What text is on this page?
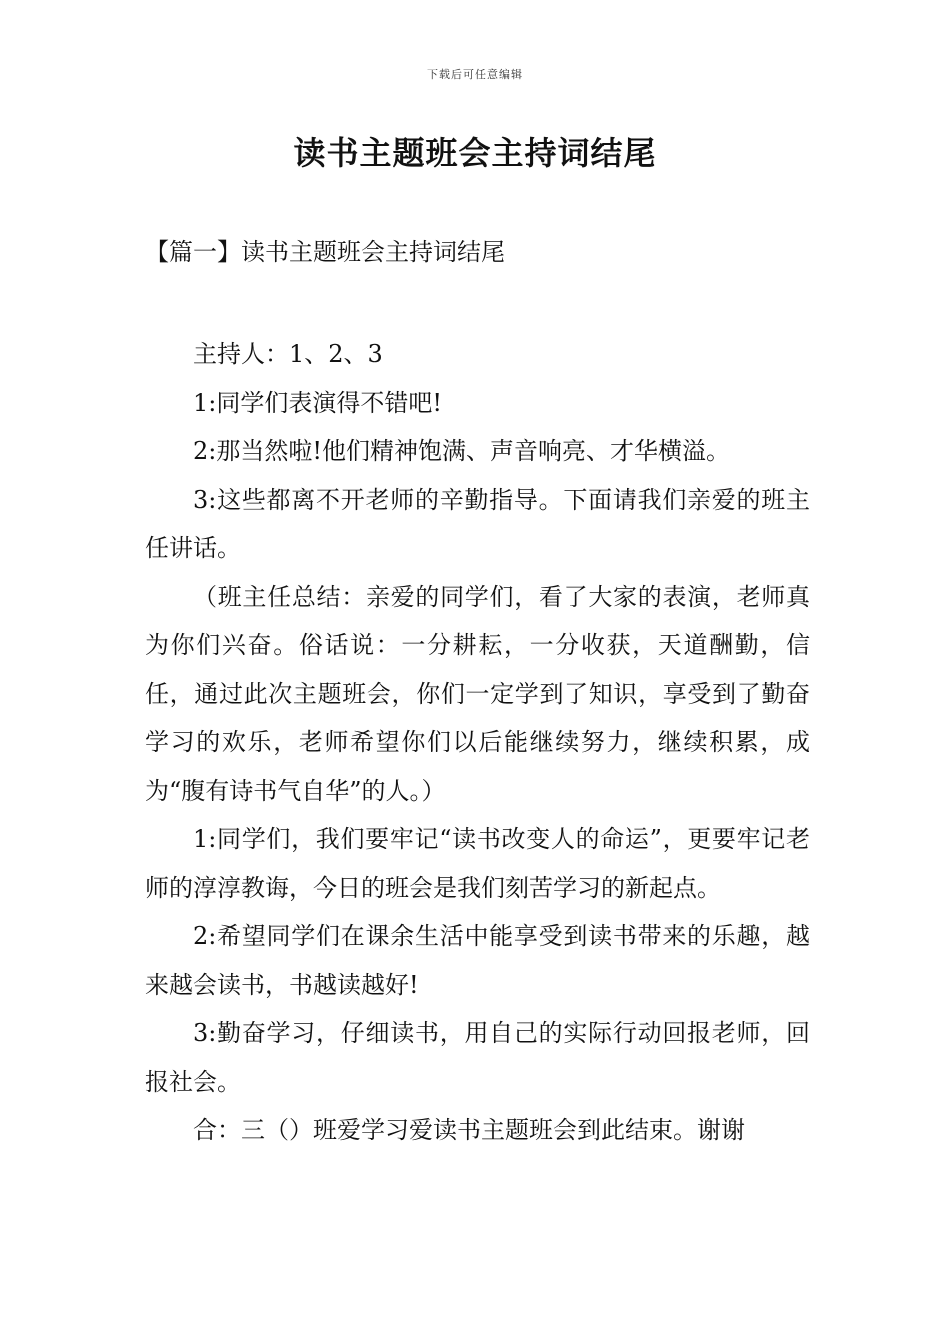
下载后可任意编辑
读书主题班会主持词结尾
【篇一】读书主题班会主持词结尾

主持人：1、2、3

1:同学们表演得不错吧!

2:那当然啦!他们精神饱满、声音响亮、才华横溢。

3:这些都离不开老师的辛勤指导。下面请我们亲爱的班主任讲话。

（班主任总结：亲爱的同学们，看了大家的表演，老师真为你们兴奋。俗话说：一分耕耘，一分收获，天道酬勤，信任，通过此次主题班会，你们一定学到了知识，享受到了勤奋学习的欢乐，老师希望你们以后能继续努力，继续积累，成为“腹有诗书气自华”的人。）

1:同学们，我们要牢记“读书改变人的命运”，更要牢记老师的淳淳教诲，今日的班会是我们刻苦学习的新起点。

2:希望同学们在课余生活中能享受到读书带来的乐趣，越来越会读书，书越读越好!

3:勤奋学习，仔细读书，用自己的实际行动回报老师，回报社会。

合：三（）班爱学习爱读书主题班会到此结束。谢谢
